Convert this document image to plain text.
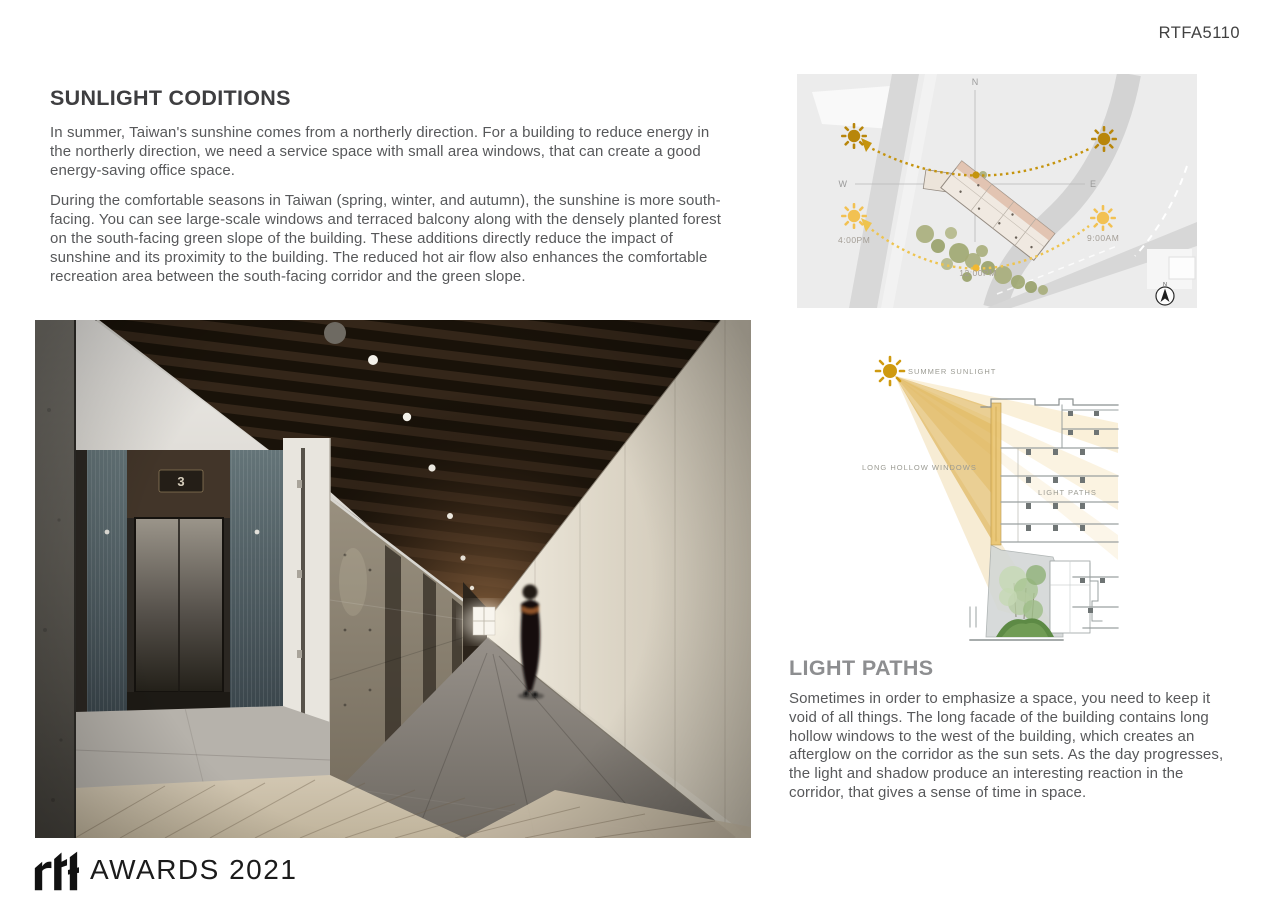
RTFA5110
SUNLIGHT CODITIONS

In summer, Taiwan's sunshine comes from a northerly direction. For a building to reduce energy in the northerly direction, we need a service space with small area windows, that can create a good energy-saving office space.

During the comfortable seasons in Taiwan (spring, winter, and autumn), the sunshine is more south-facing. You can see large-scale windows and terraced balcony along with the densely planted forest on the south-facing green slope of the building. These additions directly reduce the impact of sunshine and its proximity to the building. The reduced hot air flow also enhances the comfortable recreation area between the south-facing corridor and the green slope.

N
W	E
4:00PM	9:00AM
12:00PM
N
SUMMER SUNLIGHT
LONG HOLLOW WINDOWS
LIGHT PATHS
LIGHT PATHS

Sometimes in order to emphasize a space, you need to keep it void of all things. The long facade of the building contains long hollow windows to the west of the building, which creates an afterglow on the corridor as the sun sets. As the day progresses, the light and shadow produce an interesting reaction in the corridor, that gives a sense of time in space.

AWARDS 2021
